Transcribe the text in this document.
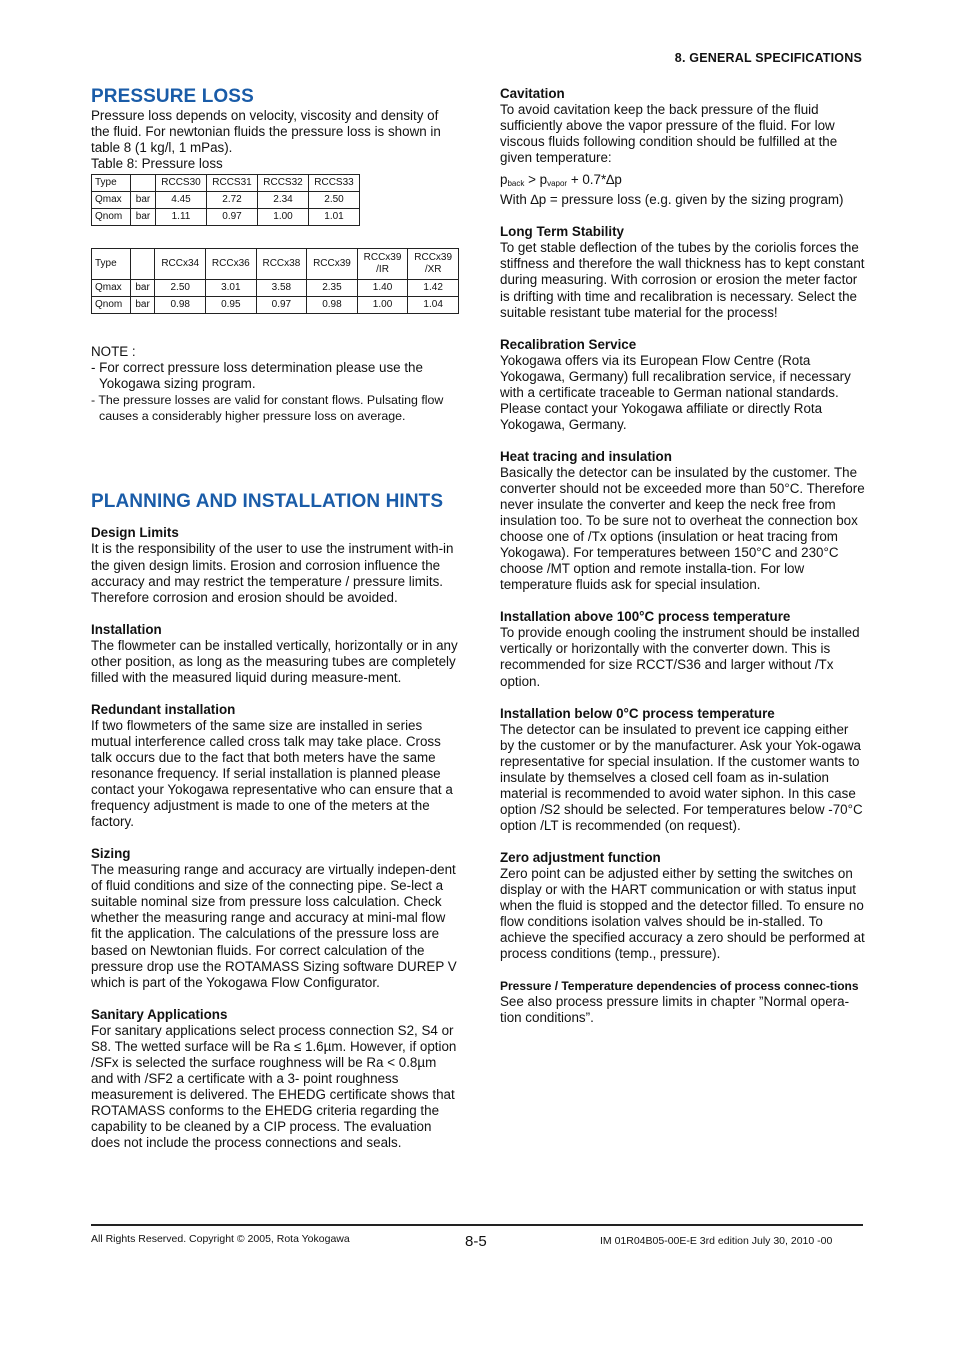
8. GENERAL SPECIFICATIONS
PRESSURE LOSS

Pressure loss depends on velocity, viscosity and density of the fluid. For newtonian fluids the pressure loss is shown in table 8 (1 kg/l, 1 mPas).

Table 8: Pressure loss

Type		RCCS30	RCCS31	RCCS32	RCCS33
Qmax	bar	4.45	2.72	2.34	2.50
Qnom	bar	1.11	0.97	1.00	1.01
Type		RCCx34	RCCx36	RCCx38	RCCx39	RCCx39 /IR	RCCx39 /XR
Qmax	bar	2.50	3.01	3.58	2.35	1.40	1.42
Qnom	bar	0.98	0.95	0.97	0.98	1.00	1.04

NOTE :

- For correct pressure loss determination please use the Yokogawa sizing program.
- The pressure losses are valid for constant flows. Pulsating flow causes a considerably higher pressure loss on average.
PLANNING AND INSTALLATION HINTS

Design Limits

It is the responsibility of the user to use the instrument with-in the given design limits. Erosion and corrosion influence the accuracy and may restrict the temperature / pressure limits. Therefore corrosion and erosion should be avoided.

Installation

The flowmeter can be installed vertically, horizontally or in any other position, as long as the measuring tubes are completely filled with the measured liquid during measure-ment.

Redundant installation

If two flowmeters of the same size are installed in series mutual interference called cross talk may take place. Cross talk occurs due to the fact that both meters have the same resonance frequency. If serial installation is planned please contact your Yokogawa representative who can ensure that a frequency adjustment is made to one of the meters at the factory.

Sizing

The measuring range and accuracy are virtually indepen-dent of fluid conditions and size of the connecting pipe. Se-lect a suitable nominal size from pressure loss calculation. Check whether the measuring range and accuracy at mini-mal flow fit the application. The calculations of the pressure loss are based on Newtonian fluids. For correct calculation of the pressure drop use the ROTAMASS Sizing software DUREP V which is part of the Yokogawa Flow Configurator.

Sanitary Applications

For sanitary applications select process connection S2, S4 or S8. The wetted surface will be Ra ≤ 1.6µm. However, if option /SFx is selected the surface roughness will be Ra < 0.8µm and with /SF2 a certificate with a 3- point roughness measurement is delivered. The EHEDG certificate shows that ROTAMASS conforms to the EHEDG criteria regarding the capability to be cleaned by a CIP process. The evaluation does not include the process connections and seals.

Cavitation

To avoid cavitation keep the back pressure of the fluid sufficiently above the vapor pressure of the fluid. For low viscous fluids following condition should be fulfilled at the given temperature:

$p_{back} > p_{vapor} + 0.7*\Delta p$

With ∆p = pressure loss (e.g. given by the sizing program)

Long Term Stability

To get stable deflection of the tubes by the coriolis forces the stiffness and therefore the wall thickness has to kept constant during measuring. With corrosion or erosion the meter factor is drifting with time and recalibration is necessary. Select the suitable resistant tube material for the process!

Recalibration Service

Yokogawa offers via its European Flow Centre (Rota Yokogawa, Germany) full recalibration service, if necessary with a certificate traceable to German national standards. Please contact your Yokogawa affiliate or directly Rota Yokogawa, Germany.

Heat tracing and insulation

Basically the detector can be insulated by the customer. The converter should not be exceeded more than 50°C. Therefore never insulate the converter and keep the neck free from insulation too. To be sure not to overheat the connection box choose one of /Tx options (insulation or heat tracing from Yokogawa). For temperatures between 150°C and 230°C choose /MT option and remote installa-tion. For low temperature fluids ask for special insulation.

Installation above 100°C process temperature

To provide enough cooling the instrument should be installed vertically or horizontally with the converter down. This is recommended for size RCCT/S36 and larger without /Tx option.

Installation below 0°C process temperature

The detector can be insulated to prevent ice capping either by the customer or by the manufacturer. Ask your Yok-ogawa representative for special insulation. If the customer wants to insulate by themselves a closed cell foam as in-sulation material is recommended to avoid water siphon. In this case option /S2 should be selected. For temperatures below -70°C option /LT is recommended (on request).

Zero adjustment function

Zero point can be adjusted either by setting the switches on display or with the HART communication or with status input when the fluid is stopped and the detector filled. To ensure no flow conditions isolation valves should be in-stalled. To achieve the specified accuracy a zero should be performed at process conditions (temp., pressure).

Pressure / Temperature dependencies of process connec-tions

See also process pressure limits in chapter ”Normal opera-tion conditions”.

All Rights Reserved. Copyright © 2005, Rota Yokogawa	8-5	IM 01R04B05-00E-E 3rd edition July 30, 2010 -00
